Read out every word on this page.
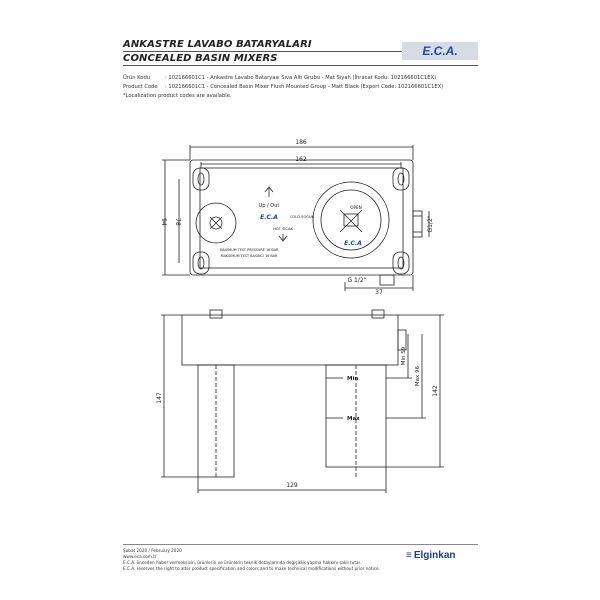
ANKASTRE LAVABO BATARYALARI
CONCEALED BASIN MIXERS
E.C.A.
Ürün Kodu	: 102166601C1 - Ankastre Lavabo Bataryası Sıva Altı Grubu - Mat Siyah (İhracat Kodu: 102166601C1EX)
Product Code : 102166601C1 - Concealed Basin Mixer Flush Mounted Group - Matt Black (Export Code: 102166601C1EX)
*Localization product codes are available.
186
162
94 78	G1/2"
G 1/2"
37
Up / Out
E.C.A	COLD SOĞUK
HOT SICAK
OPEN
E.C.A
MAXIMUM TEST PRESSURE 16 BAR
MAKSIMUM TEST BASINCI 16 BAR
147
142
Min 59
Max 96
Min
Max
129
Şubat 2020 / February 2020
www.eca.com.tr
E.C.A. önceden haber vermeksizin, ürünlerin ve ürünlerin teknik detaylarında değişiklik yapma hakkını saklı tutar.
E.C.A. reserves the right to alter product specification and colors and to make technical modifications without prior notice.
≡ Elginkan
